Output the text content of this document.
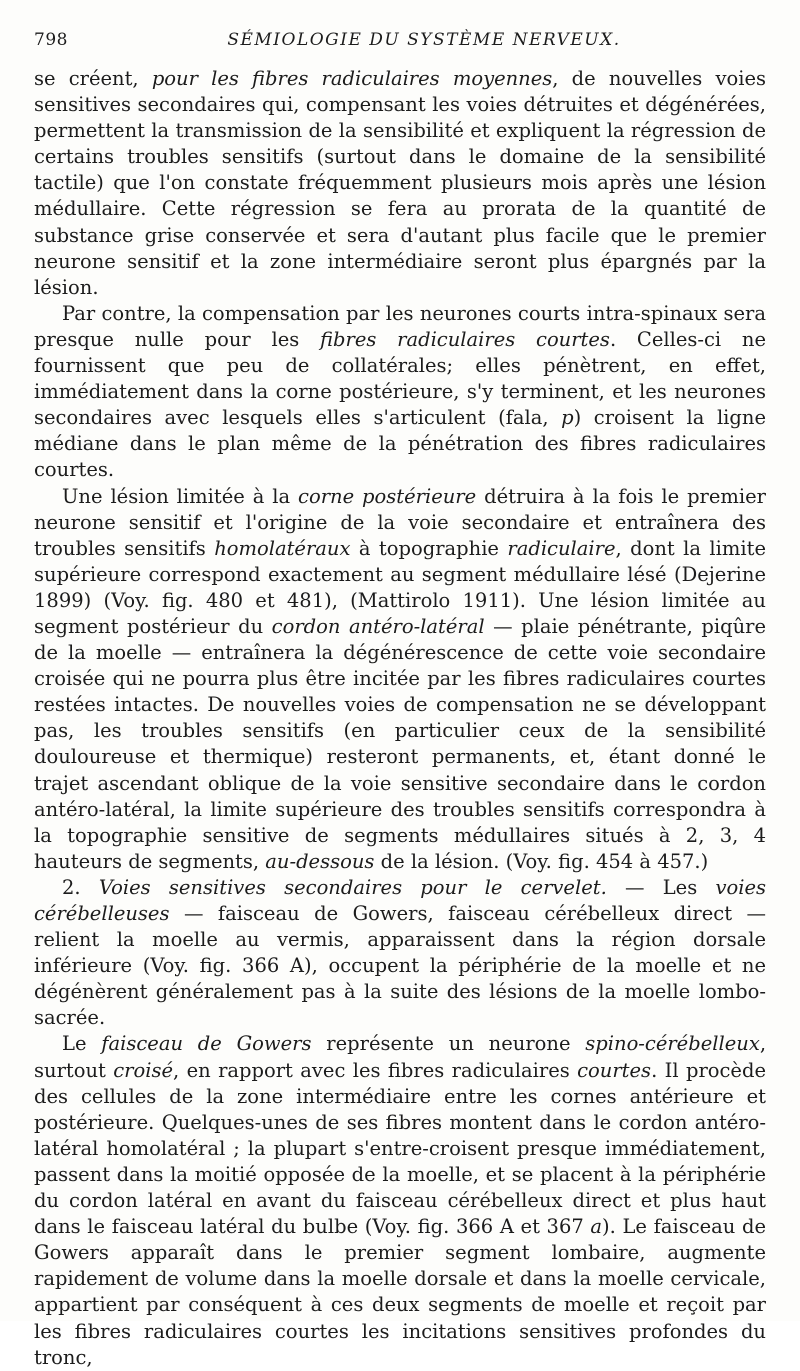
798	SÉMIOLOGIE DU SYSTÈME NERVEUX.

se créent, pour les fibres radiculaires moyennes, de nouvelles voies sensitives secondaires qui, compensant les voies détruites et dégénérées, permettent la transmission de la sensibilité et expliquent la régression de certains troubles sensitifs (surtout dans le domaine de la sensibilité tactile) que l'on constate fréquemment plusieurs mois après une lésion médullaire. Cette régression se fera au prorata de la quantité de substance grise conservée et sera d'autant plus facile que le premier neurone sensitif et la zone intermédiaire seront plus épargnés par la lésion.

Par contre, la compensation par les neurones courts intra-spinaux sera presque nulle pour les fibres radiculaires courtes. Celles-ci ne fournissent que peu de collatérales; elles pénètrent, en effet, immédiatement dans la corne postérieure, s'y terminent, et les neurones secondaires avec lesquels elles s'articulent (fala, p) croisent la ligne médiane dans le plan même de la pénétration des fibres radiculaires courtes.

Une lésion limitée à la corne postérieure détruira à la fois le premier neurone sensitif et l'origine de la voie secondaire et entraînera des troubles sensitifs homolatéraux à topographie radiculaire, dont la limite supérieure correspond exactement au segment médullaire lésé (Dejerine 1899) (Voy. fig. 480 et 481), (Mattirolo 1911). Une lésion limitée au segment postérieur du cordon antéro-latéral — plaie pénétrante, piqûre de la moelle — entraînera la dégénérescence de cette voie secondaire croisée qui ne pourra plus être incitée par les fibres radiculaires courtes restées intactes. De nouvelles voies de compensation ne se développant pas, les troubles sensitifs (en particulier ceux de la sensibilité douloureuse et thermique) resteront permanents, et, étant donné le trajet ascendant oblique de la voie sensitive secondaire dans le cordon antéro-latéral, la limite supérieure des troubles sensitifs correspondra à la topographie sensitive de segments médullaires situés à 2, 3, 4 hauteurs de segments, au-dessous de la lésion. (Voy. fig. 454 à 457.)

2. Voies sensitives secondaires pour le cervelet. — Les voies cérébelleuses — faisceau de Gowers, faisceau cérébelleux direct — relient la moelle au vermis, apparaissent dans la région dorsale inférieure (Voy. fig. 366 A), occupent la périphérie de la moelle et ne dégénèrent généralement pas à la suite des lésions de la moelle lombo-sacrée.

Le faisceau de Gowers représente un neurone spino-cérébelleux, surtout croisé, en rapport avec les fibres radiculaires courtes. Il procède des cellules de la zone intermédiaire entre les cornes antérieure et postérieure. Quelques-unes de ses fibres montent dans le cordon antéro-latéral homolatéral ; la plupart s'entre-croisent presque immédiatement, passent dans la moitié opposée de la moelle, et se placent à la périphérie du cordon latéral en avant du faisceau cérébelleux direct et plus haut dans le faisceau latéral du bulbe (Voy. fig. 366 A et 367 a). Le faisceau de Gowers apparaît dans le premier segment lombaire, augmente rapidement de volume dans la moelle dorsale et dans la moelle cervicale, appartient par conséquent à ces deux segments de moelle et reçoit par les fibres radiculaires courtes les incitations sensitives profondes du tronc,
